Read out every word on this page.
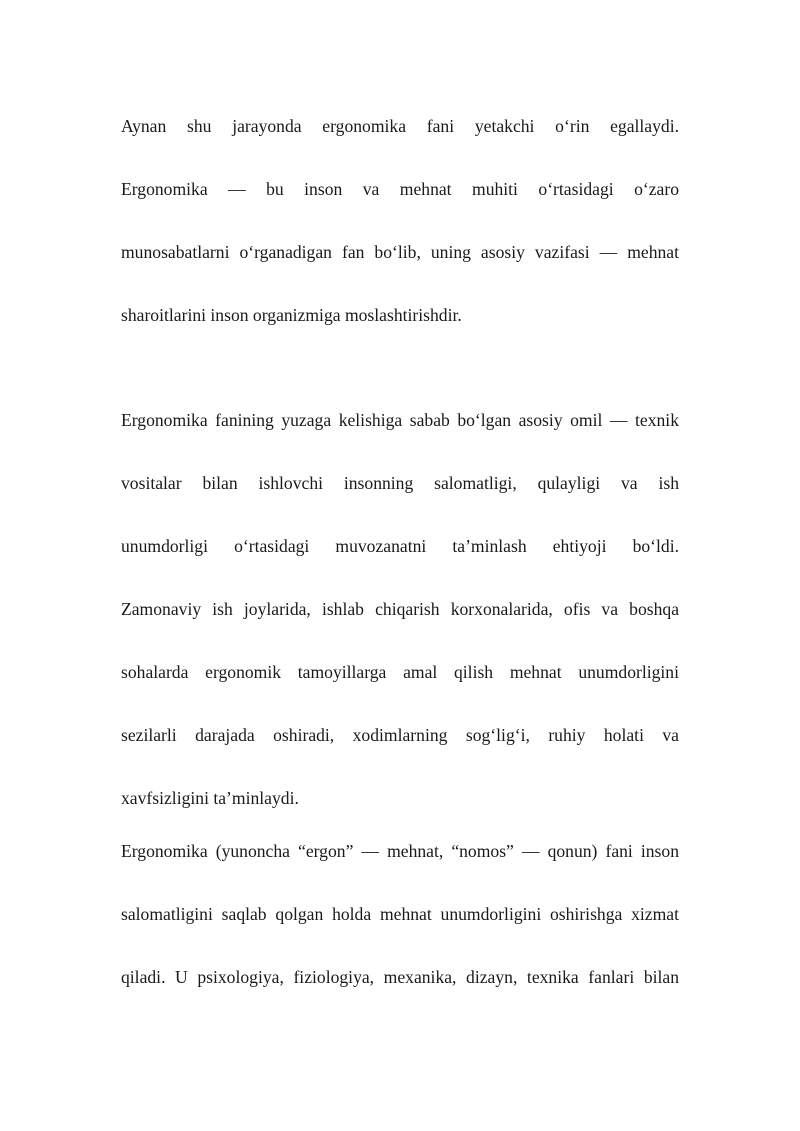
Aynan shu jarayonda ergonomika fani yetakchi o‘rin egallaydi.
Ergonomika — bu inson va mehnat muhiti o‘rtasidagi o‘zaro
munosabatlarni o‘rganadigan fan bo‘lib, uning asosiy vazifasi — mehnat
sharoitlarini inson organizmiga moslashtirishdir.
Ergonomika fanining yuzaga kelishiga sabab bo‘lgan asosiy omil — texnik
vositalar bilan ishlovchi insonning salomatligi, qulayligi va ish
unumdorligi o‘rtasidagi muvozanatni ta’minlash ehtiyoji bo‘ldi.
Zamonaviy ish joylarida, ishlab chiqarish korxonalarida, ofis va boshqa
sohalarda ergonomik tamoyillarga amal qilish mehnat unumdorligini
sezilarli darajada oshiradi, xodimlarning sog‘lig‘i, ruhiy holati va
xavfsizligini ta’minlaydi.
Ergonomika (yunoncha “ergon” — mehnat, “nomos” — qonun) fani inson
salomatligini saqlab qolgan holda mehnat unumdorligini oshirishga xizmat
qiladi. U psixologiya, fiziologiya, mexanika, dizayn, texnika fanlari bilan
